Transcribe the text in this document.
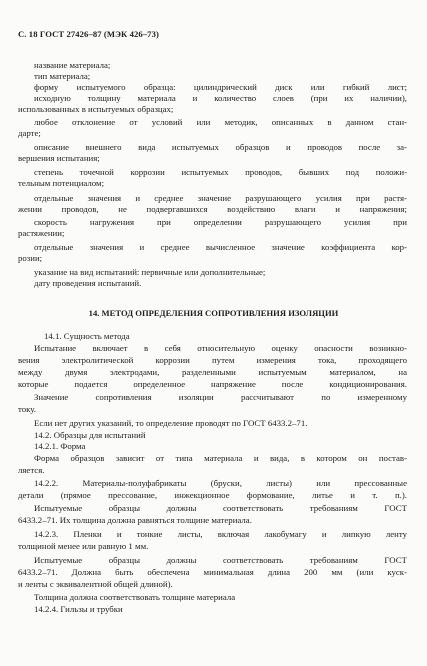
С. 18 ГОСТ 27426–87 (МЭК 426–73)
название материала;
тип материала;
форму испытуемого образца: цилиндрический диск или гибкий лист;
исходную толщину материала и количество слоев (при их наличии),
использованных в испытуемых образцах;
любое отклонение от условий или методик, описанных в данном стан-
дарте;
описание внешнего вида испытуемых образцов и проводов после за-
вершения испытания;
степень точечной коррозии испытуемых проводов, бывших под положи-
тельным потенциалом;
отдельные значения и среднее значение разрушающего усилия при растя-
жении проводов, не подвергавшихся воздействию влаги и напряжения;
скорость нагружения при определении разрушающего усилия при
растяжении;
отдельные значения и среднее вычисленное значение коэффициента кор-
розии;
указание на вид испытаний: первичные или дополнительные;
дату проведения испытаний.
14. МЕТОД ОПРЕДЕЛЕНИЯ СОПРОТИВЛЕНИЯ ИЗОЛЯЦИИ
14.1. Сущность метода
Испытание включает в себя относительную оценку опасности возникно-
вения электролитической коррозии путем измерения тока, проходящего
между двумя электродами, разделенными испытуемым материалом, на
которые подается определенное напряжение после кондиционирования.
Значение сопротивления изоляции рассчитывают по измеренному
току.
Если нет других указаний, то определение проводят по ГОСТ 6433.2–71.
14.2. Образцы для испытаний
14.2.1. Форма
Форма образцов зависит от типа материала и вида, в котором он постав-
ляется.
14.2.2. Материалы-полуфабрикаты (бруски, листы) или прессованные
детали (прямое прессование, инжекционное формование, литье и т. п.).
Испытуемые образцы должны соответствовать требованиям ГОСТ
6433.2–71. Их толщина должна равняться толщине материала.
14.2.3. Пленки и тонкие листы, включая лакобумагу и липкую ленту
толщиной менее или равную 1 мм.
Испытуемые образцы должны соответствовать требованиям ГОСТ
6433.2–71. Должна быть обеспечена минимальная длина 200 мм (или куск-
и ленты с эквивалентной общей длиной).
Толщина должна соответствовать толщине материала
14.2.4. Гильзы и трубки
